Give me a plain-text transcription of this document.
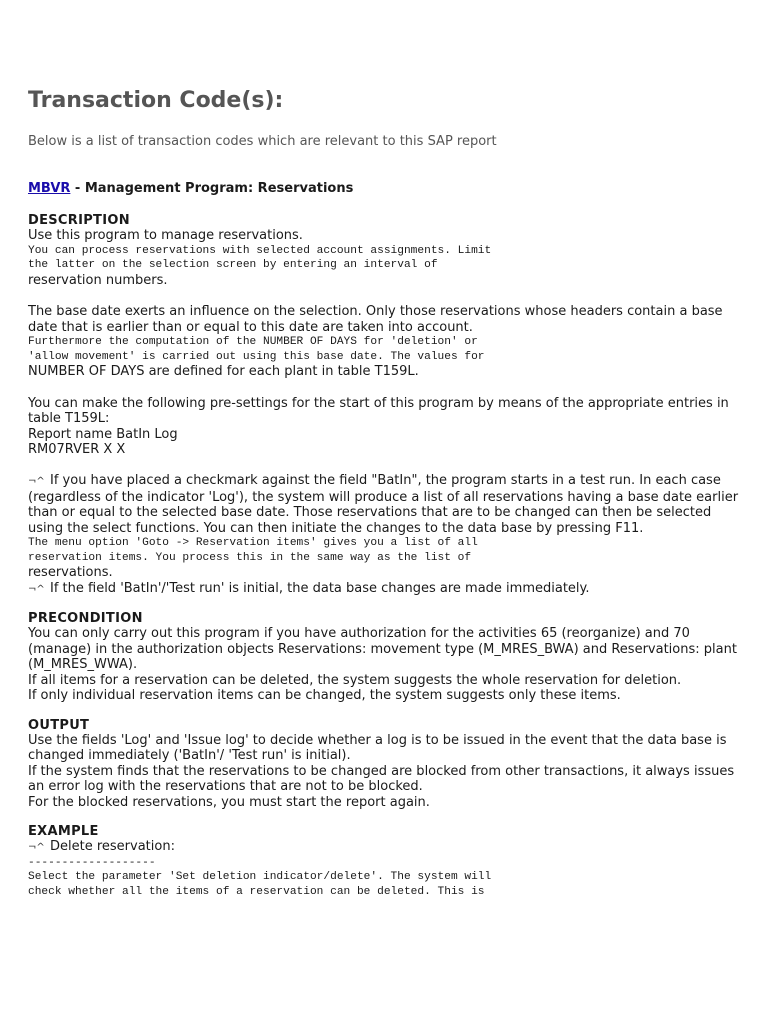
Transaction Code(s):
Below is a list of transaction codes which are relevant to this SAP report
MBVR - Management Program: Reservations
DESCRIPTION

Use this program to manage reservations.

You can process reservations with selected account assignments. Limit
the latter on the selection screen by entering an interval of

reservation numbers.

The base date exerts an influence on the selection. Only those reservations whose headers contain a base date that is earlier than or equal to this date are taken into account.

Furthermore the computation of the NUMBER OF DAYS for 'deletion' or
'allow movement' is carried out using this base date. The values for

NUMBER OF DAYS are defined for each plant in table T159L.

You can make the following pre-settings for the start of this program by means of the appropriate entries in table T159L:

Report name BatIn Log

RM07RVER X X

¬^ If you have placed a checkmark against the field "BatIn", the program starts in a test run. In each case (regardless of the indicator 'Log'), the system will produce a list of all reservations having a base date earlier than or equal to the selected base date. Those reservations that are to be changed can then be selected using the select functions. You can then initiate the changes to the data base by pressing F11.

The menu option 'Goto -> Reservation items' gives you a list of all
reservation items. You process this in the same way as the list of

reservations.

¬^ If the field 'BatIn'/'Test run' is initial, the data base changes are made immediately.

PRECONDITION

You can only carry out this program if you have authorization for the activities 65 (reorganize) and 70 (manage) in the authorization objects Reservations: movement type (M_MRES_BWA) and Reservations: plant (M_MRES_WWA).

If all items for a reservation can be deleted, the system suggests the whole reservation for deletion.

If only individual reservation items can be changed, the system suggests only these items.

OUTPUT

Use the fields 'Log' and 'Issue log' to decide whether a log is to be issued in the event that the data base is changed immediately ('BatIn'/ 'Test run' is initial).

If the system finds that the reservations to be changed are blocked from other transactions, it always issues an error log with the reservations that are not to be blocked.

For the blocked reservations, you must start the report again.

EXAMPLE

¬^ Delete reservation:

-------------------
Select the parameter 'Set deletion indicator/delete'. The system will
check whether all the items of a reservation can be deleted. This is
